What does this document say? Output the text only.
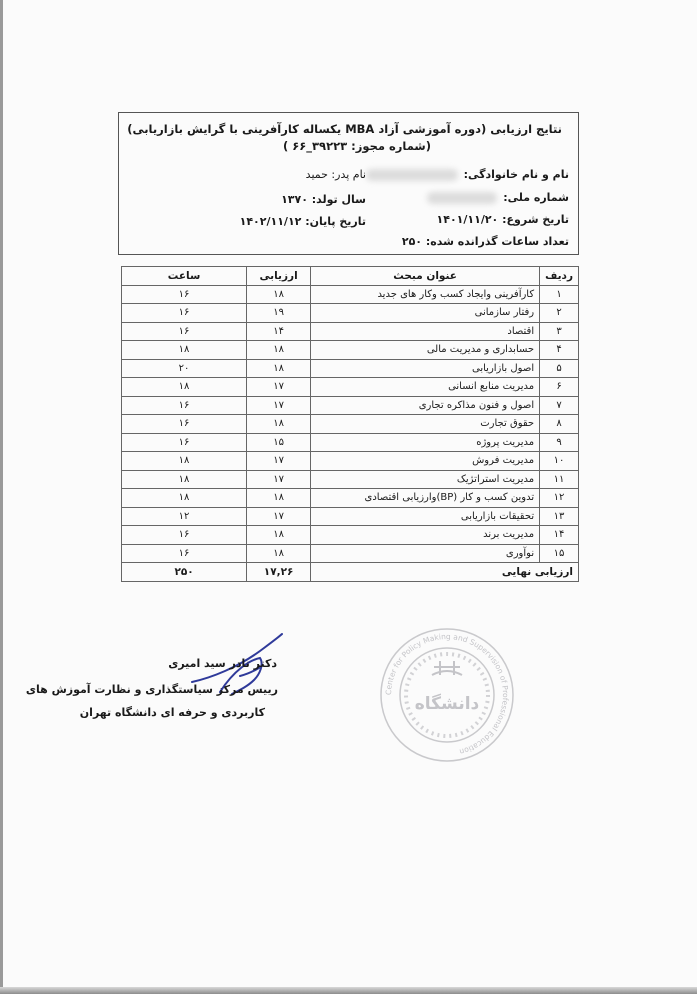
نتایج ارزیابی (دوره آموزشی آزاد MBA یکساله کارآفرینی با گرایش بازاریابی)
(شماره مجوز: ۳۹۲۲۳_۶۶ )
نام و نام خانوادگی:
نام پدر: حمید
شماره ملی:
سال تولد: ۱۳۷۰
تاریخ شروع: ۱۴۰۱/۱۱/۲۰
تاریخ پایان: ۱۴۰۲/۱۱/۱۲
تعداد ساعات گذرانده شده: ۲۵۰
ردیف	عنوان مبحث	ارزیابی	ساعت
۱	کارآفرینی وایجاد کسب وکار های جدید	۱۸	۱۶
۲	رفتار سازمانی	۱۹	۱۶
۳	اقتصاد	۱۴	۱۶
۴	حسابداری و مدیریت مالی	۱۸	۱۸
۵	اصول بازاریابی	۱۸	۲۰
۶	مدیریت منابع انسانی	۱۷	۱۸
۷	اصول و فنون مذاکره تجاری	۱۷	۱۶
۸	حقوق تجارت	۱۸	۱۶
۹	مدیریت پروژه	۱۵	۱۶
۱۰	مدیریت فروش	۱۷	۱۸
۱۱	مدیریت استراتژیک	۱۷	۱۸
۱۲	تدوین کسب و کار (BP)وارزیابی اقتصادی	۱۸	۱۸
۱۳	تحقیقات بازاریابی	۱۷	۱۲
۱۴	مدیریت برند	۱۸	۱۶
۱۵	نوآوری	۱۸	۱۶
ارزیابی نهایی		۱۷,۲۶	۲۵۰
Center for Policy Making and Supervision of Professional Education
دانشگاه
دکتر نادر سید امیری
رییس مرکز سیاستگذاری و نظارت آموزش های
کاربردی و حرفه ای دانشگاه تهران
